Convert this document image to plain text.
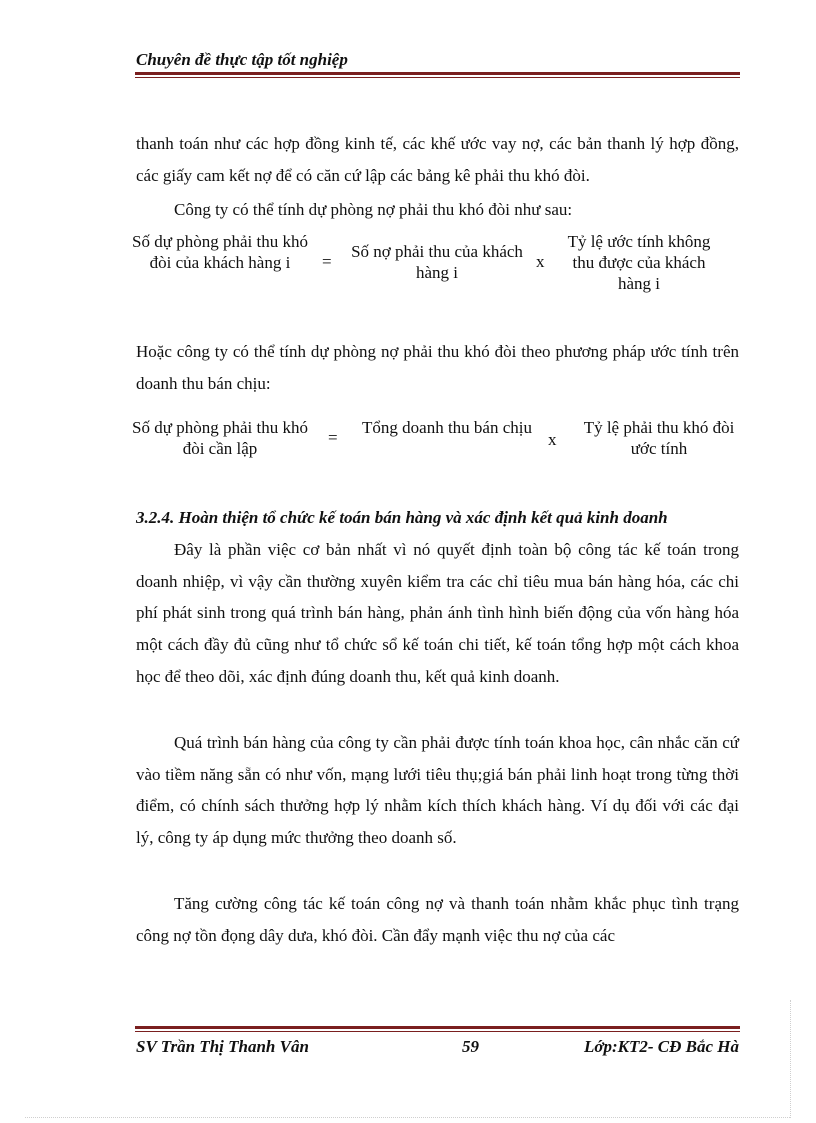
Chuyên đề thực tập tốt nghiệp
thanh toán như các hợp đồng kinh tế, các khế ước vay nợ, các bản thanh lý hợp đồng, các giấy cam kết nợ để có căn cứ lập các bảng kê phải thu khó đòi.
Công ty có thể tính dự phòng nợ phải thu khó đòi như sau:
Số dự phòng phải thu khó đòi của khách hàng i	=
Số nợ phải thu của khách hàng i
x
Tỷ lệ ước tính không thu được của khách hàng i
Hoặc công ty có thể tính dự phòng nợ phải thu khó đòi theo phương pháp ước tính trên doanh thu bán chịu:
Số dự phòng phải thu khó đòi cần lập
=
Tổng doanh thu bán chịu
x
Tỷ lệ phải thu khó đòi ước tính
3.2.4. Hoàn thiện tổ chức kế toán bán hàng và xác định kết quả kinh doanh
Đây là phần việc cơ bản nhất vì nó quyết định toàn bộ công tác kế toán trong doanh nhiệp, vì vậy cần thường xuyên kiểm tra các chỉ tiêu mua bán hàng hóa, các chi phí phát sinh trong quá trình bán hàng, phản ánh tình hình biến động của vốn hàng hóa một cách đầy đủ cũng như tổ chức sổ kế toán chi tiết, kế toán tổng hợp một cách khoa học để theo dõi, xác định đúng doanh thu, kết quả kinh doanh.
Quá trình bán hàng của công ty cần phải được tính toán khoa học, cân nhắc căn cứ vào tiềm năng sẵn có như vốn, mạng lưới tiêu thụ;giá bán phải linh hoạt trong từng thời điểm, có chính sách thưởng hợp lý nhằm kích thích khách hàng. Ví dụ đối với các đại lý, công ty áp dụng mức thưởng theo doanh số.
Tăng cường công tác kế toán công nợ và thanh toán nhằm khắc phục tình trạng công nợ tồn đọng dây dưa, khó đòi. Cần đẩy mạnh việc thu nợ của các
SV Trần Thị Thanh Vân	59	Lớp:KT2- CĐ Bắc Hà
